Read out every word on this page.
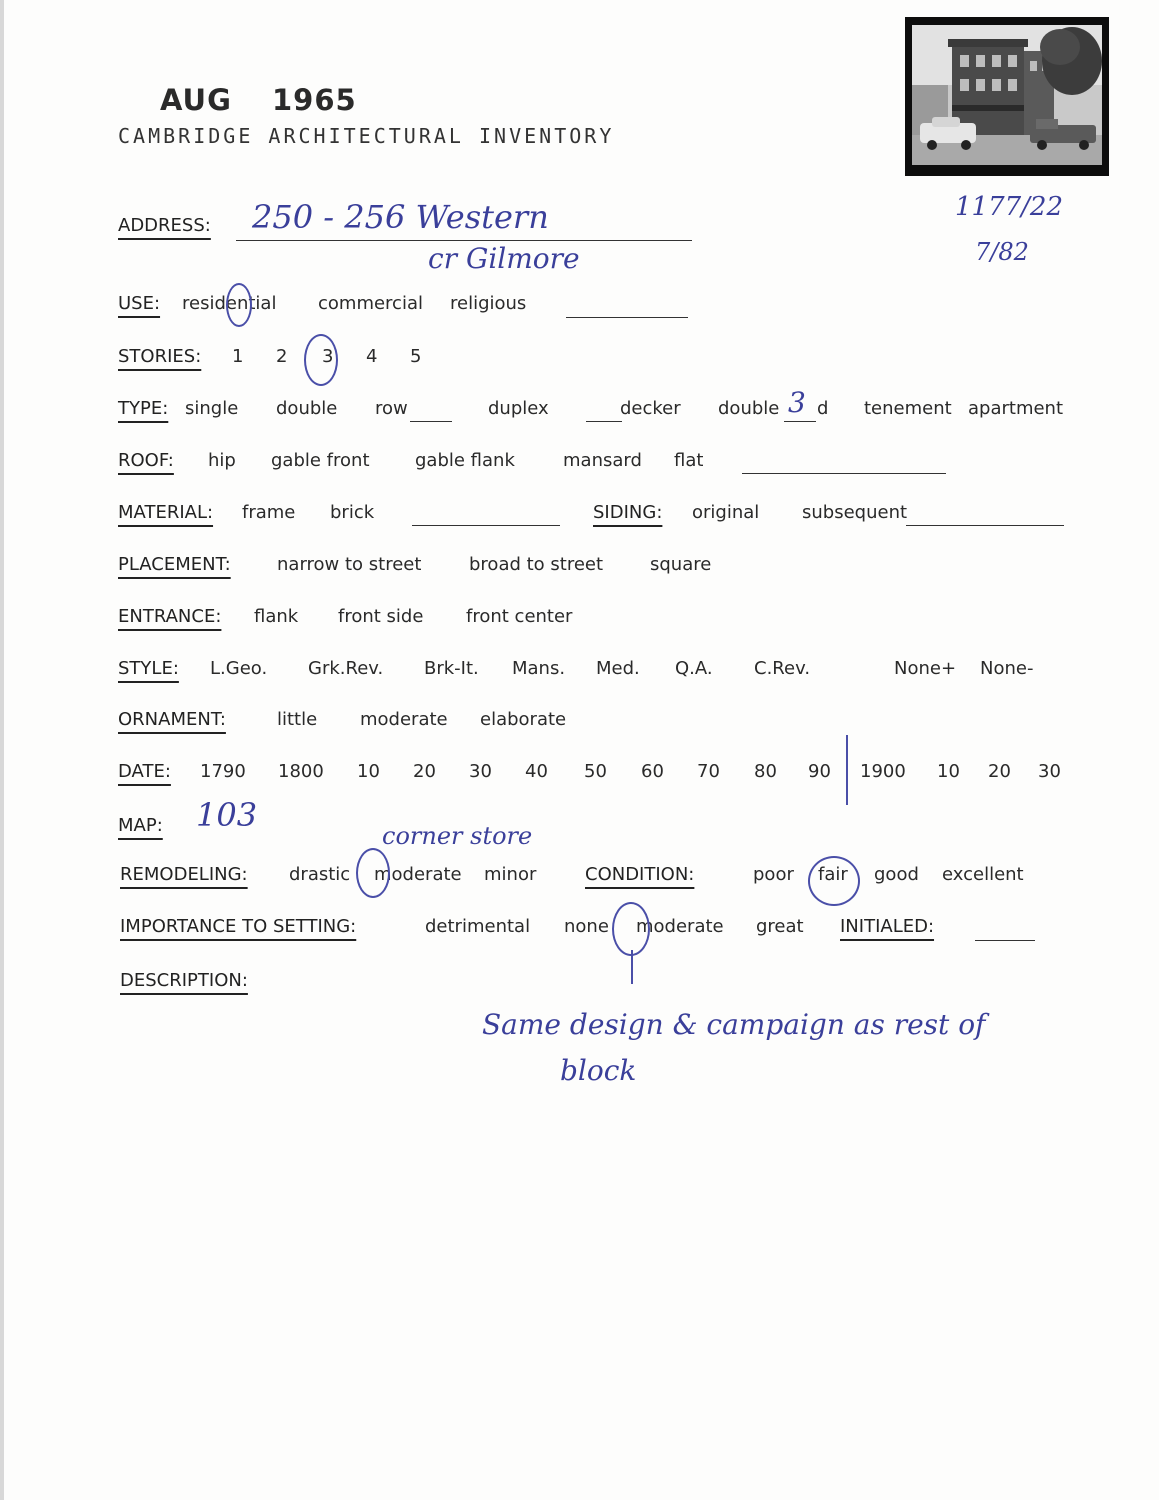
AUG 1965
CAMBRIDGE ARCHITECTURAL INVENTORY
1177/22
7/82
ADDRESS: 250 - 256 Western
cr Gilmore
USE: residential commercial religious
STORIES: 1 2 3 4 5
TYPE: single double row	duplex	decker double 3 d tenement apartment
ROOF: hip gable front	gable flank	mansard flat
MATERIAL: frame brick	SIDING: original subsequent
PLACEMENT:	narrow to street	broad to street	square
ENTRANCE: flank front side front center
STYLE: L.Geo. Grk.Rev. Brk-It. Mans. Med. Q.A. C.Rev.	None+ None-
ORNAMENT:	little moderate elaborate
DATE: 1790 1800 10 20 30 40 50 60 70 80 90 1900 10 20 30
MAP: 103
corner store
REMODELING: drastic moderate minor	CONDITION:	poor fair good excellent
IMPORTANCE TO SETTING:	detrimental none moderate great INITIALED:
DESCRIPTION:
Same design & campaign as rest of
block
